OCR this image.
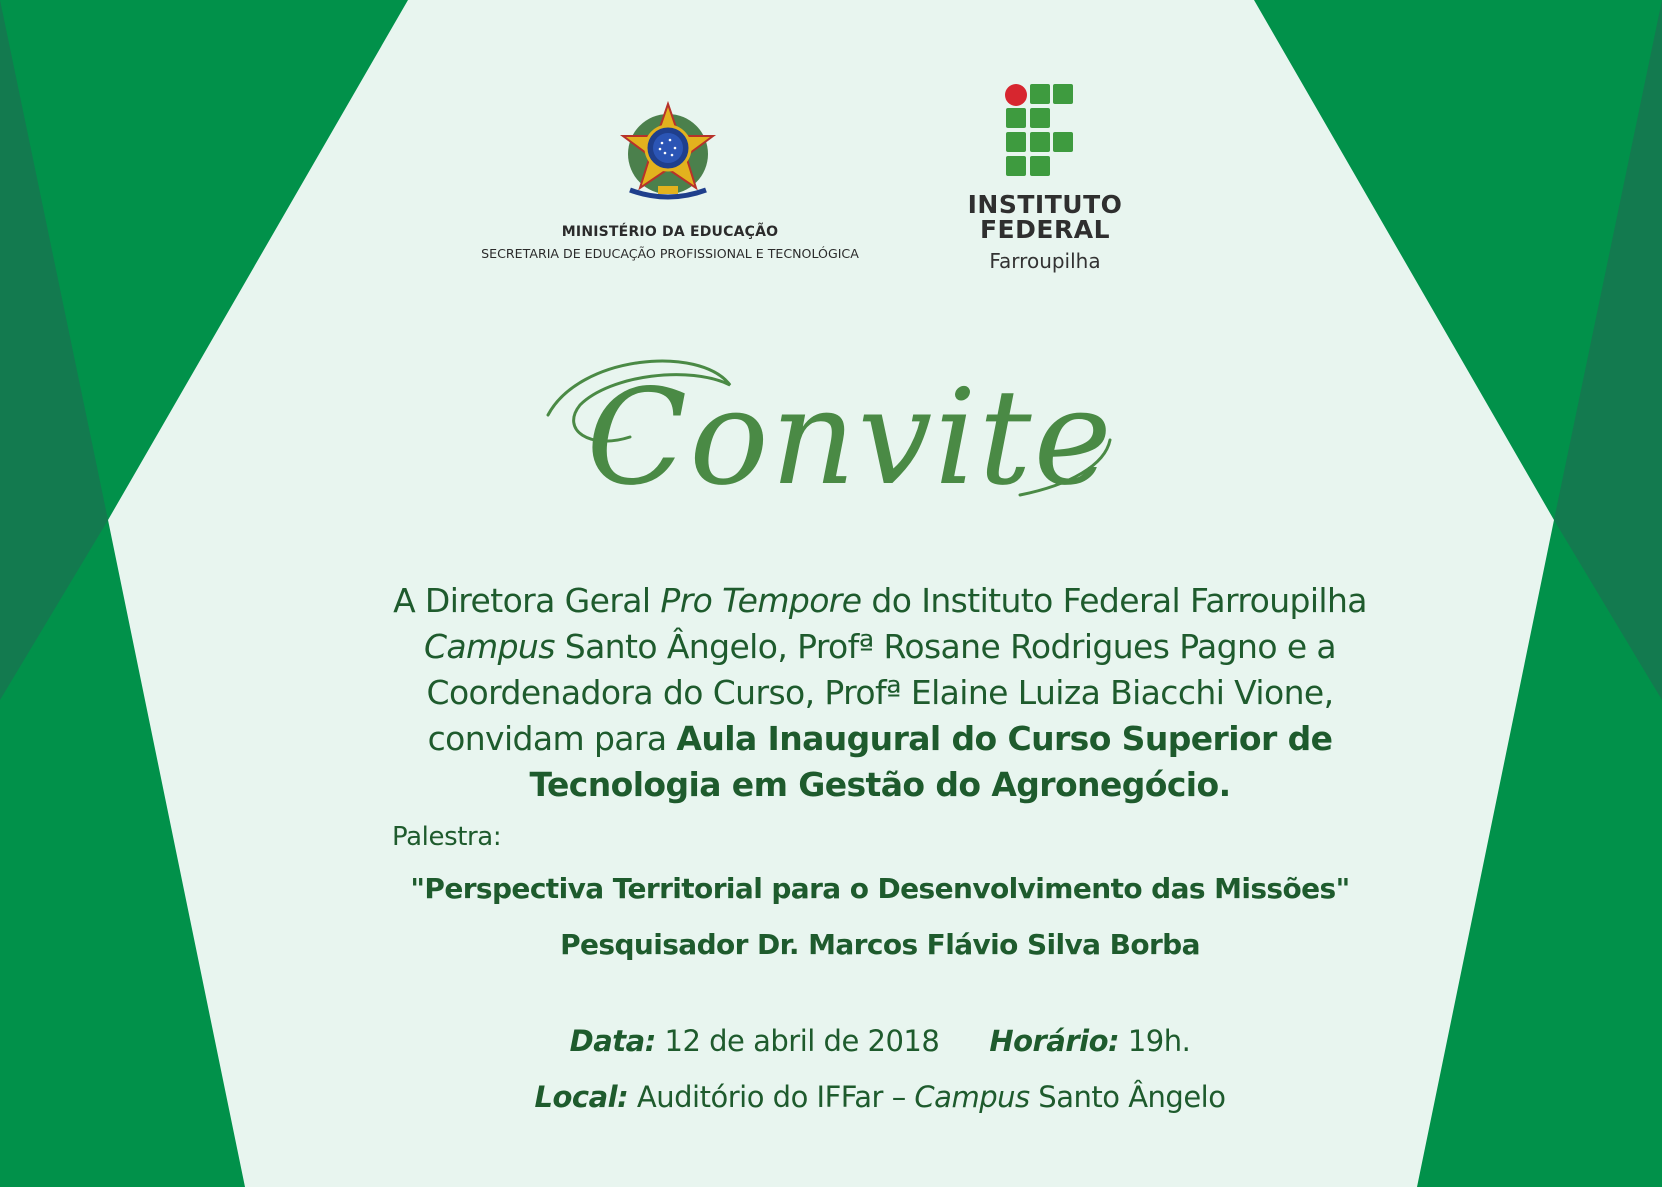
MINISTÉRIO DA EDUCAÇÃO
SECRETARIA DE EDUCAÇÃO PROFISSIONAL E TECNOLÓGICA
INSTITUTO
FEDERAL
Farroupilha
Convite
A Diretora Geral Pro Tempore do Instituto Federal Farroupilha Campus Santo Ângelo, Profª Rosane Rodrigues Pagno e a Coordenadora do Curso, Profª Elaine Luiza Biacchi Vione, convidam para Aula Inaugural do Curso Superior de Tecnologia em Gestão do Agronegócio.
Palestra:
"Perspectiva Territorial para o Desenvolvimento das Missões"
Pesquisador Dr. Marcos Flávio Silva Borba
Data: 12 de abril de 2018 Horário: 19h.
Local: Auditório do IFFar – Campus Santo Ângelo
